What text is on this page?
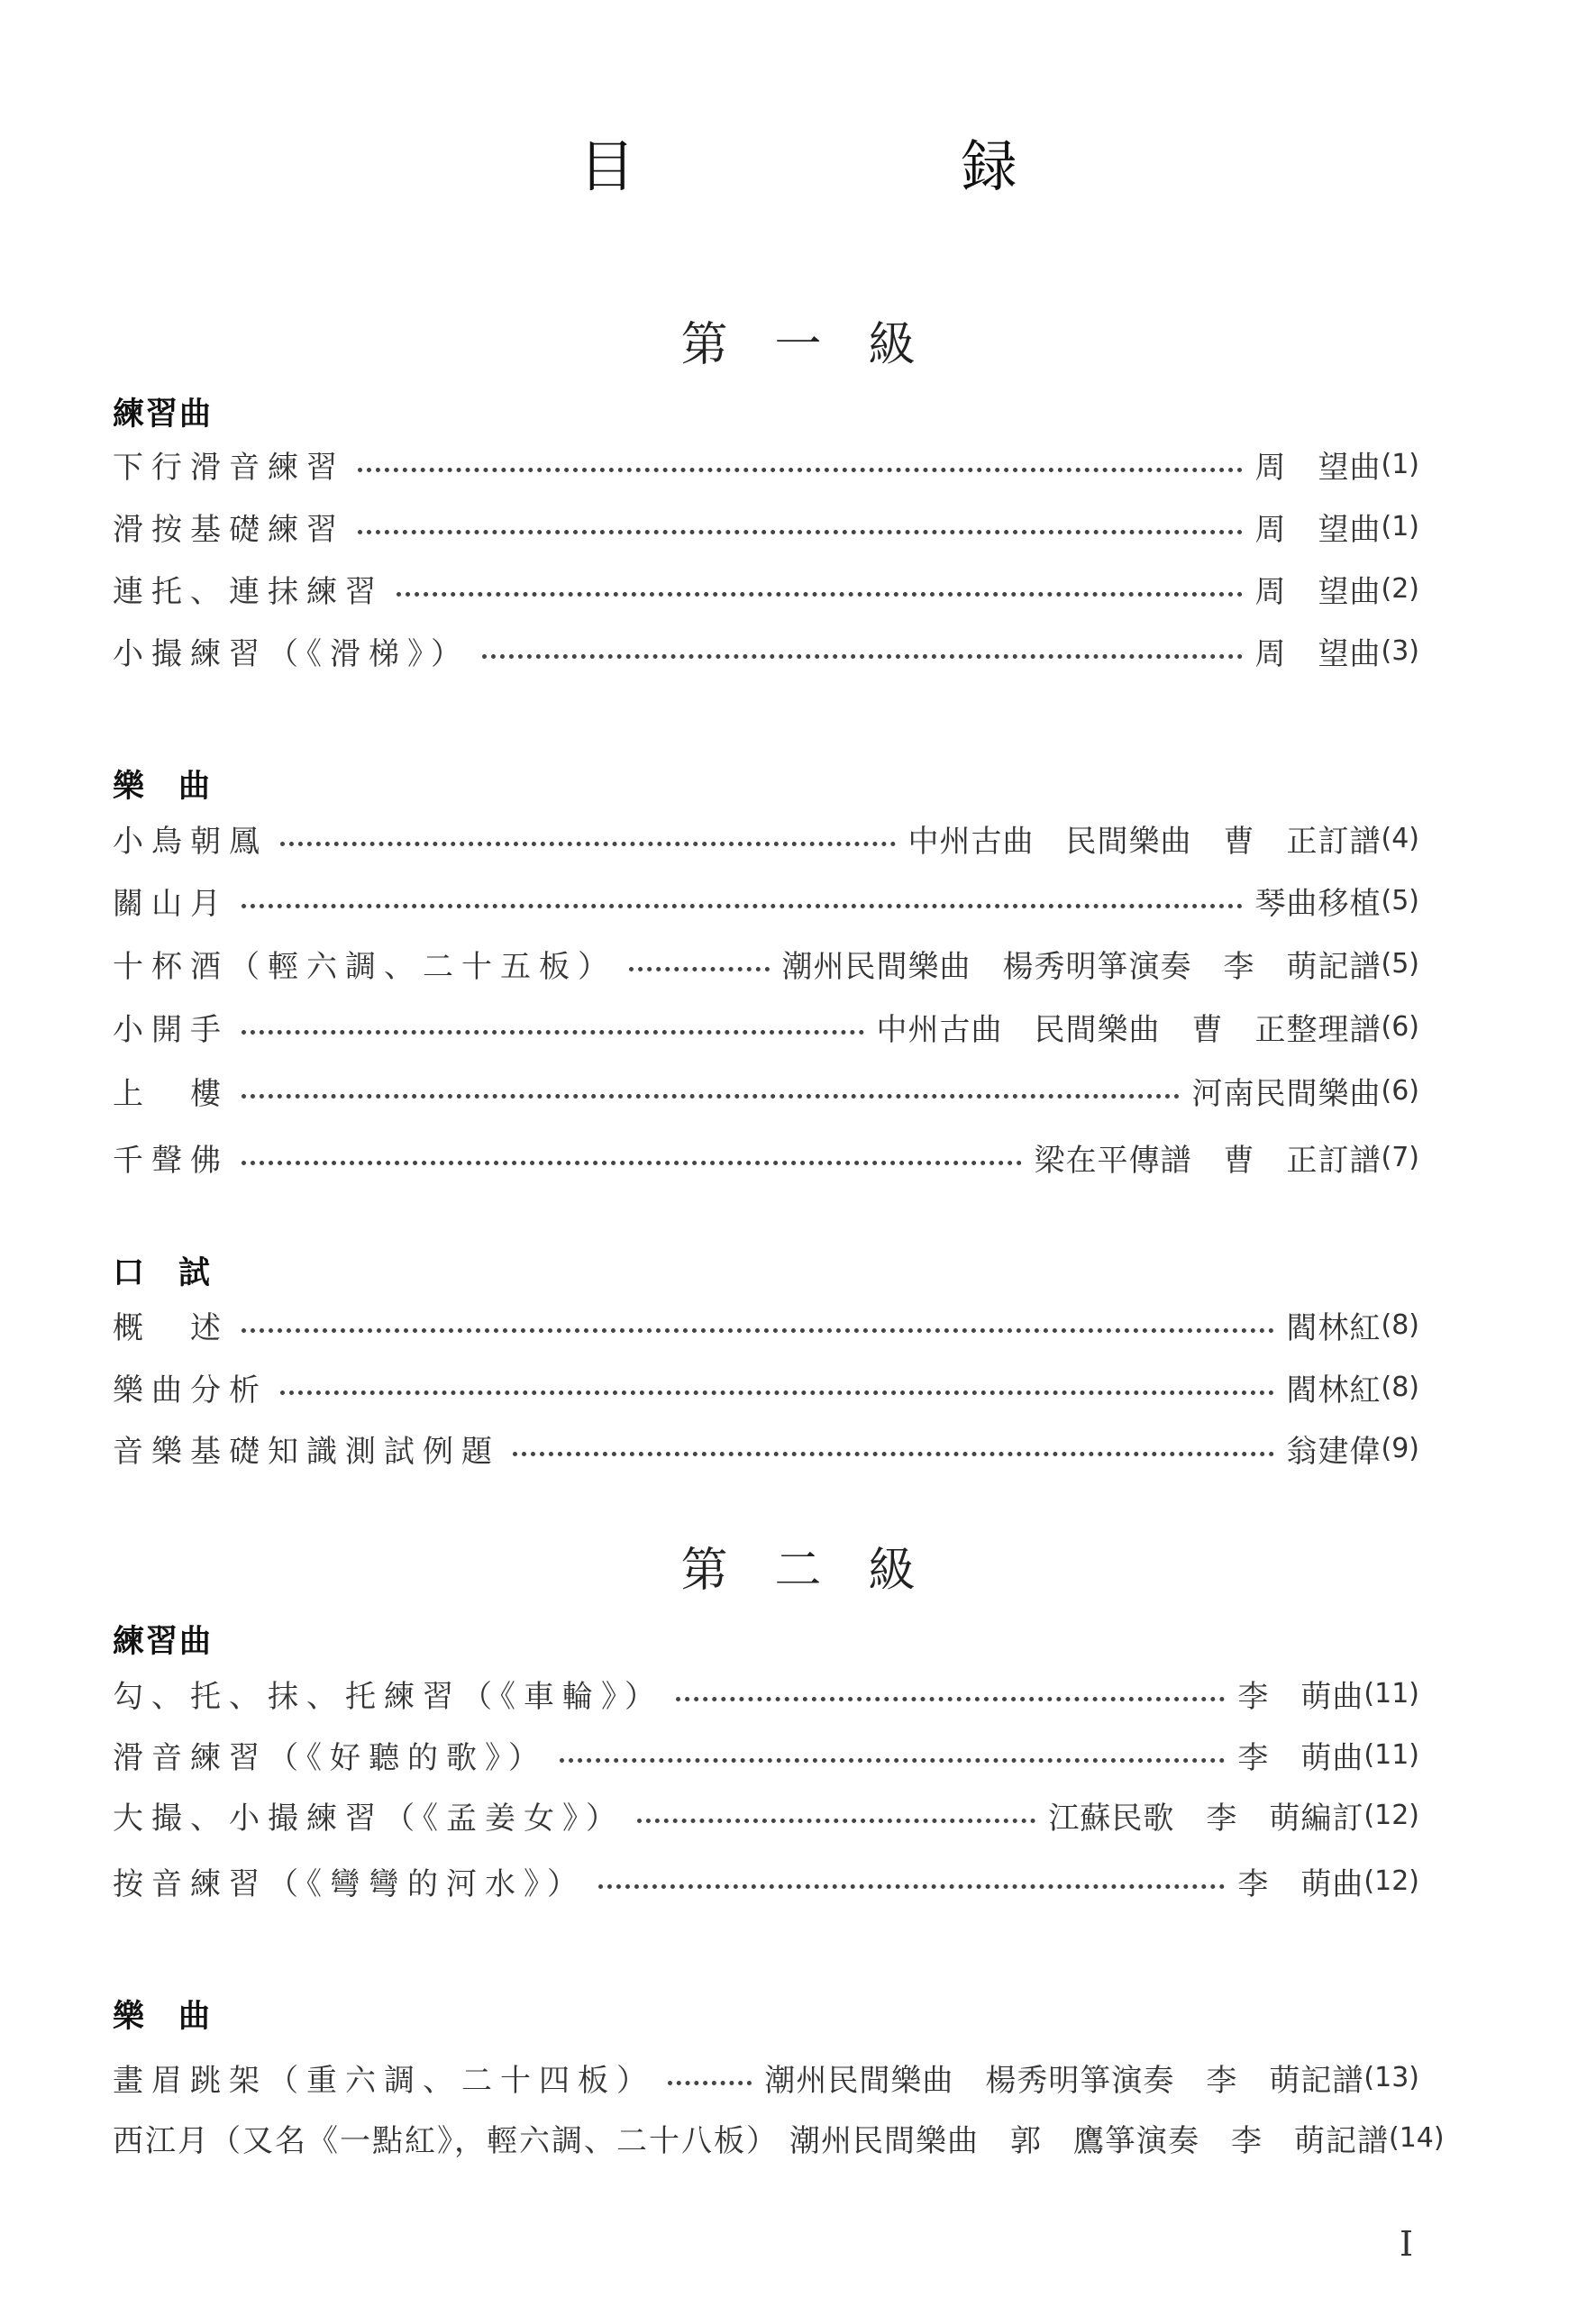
目　録
第一級
練習曲
下行滑音練習	周　望曲 (1)
滑按基礎練習	周　望曲 (1)
連托、連抹練習	周　望曲 (2)
小撮練習（《滑梯》）	周　望曲 (3)
樂曲
小鳥朝鳳	中州古曲　民間樂曲　曹　正訂譜 (4)
關山月	琴曲移植 (5)
十杯酒（輕六調、二十五板）	潮州民間樂曲　楊秀明箏演奏　李　萌記譜 (5)
小開手	中州古曲　民間樂曲　曹　正整理譜 (6)
上　樓	河南民間樂曲 (6)
千聲佛	梁在平傳譜　曹　正訂譜 (7)
口試
概　述	閻林紅 (8)
樂曲分析	閻林紅 (8)
音樂基礎知識測試例題	翁建偉 (9)
第二級
練習曲
勾、托、抹、托練習（《車輪》）	李　萌曲 (11)
滑音練習（《好聽的歌》）	李　萌曲 (11)
大撮、小撮練習（《孟姜女》）	江蘇民歌　李　萌編訂 (12)
按音練習（《彎彎的河水》）	李　萌曲 (12)
樂曲
畫眉跳架（重六調、二十四板）	潮州民間樂曲　楊秀明箏演奏　李　萌記譜 (13)
西江月（又名《一點紅》，輕六調、二十八板） 潮州民間樂曲　郭　鷹箏演奏　李　萌記譜 (14)
I
